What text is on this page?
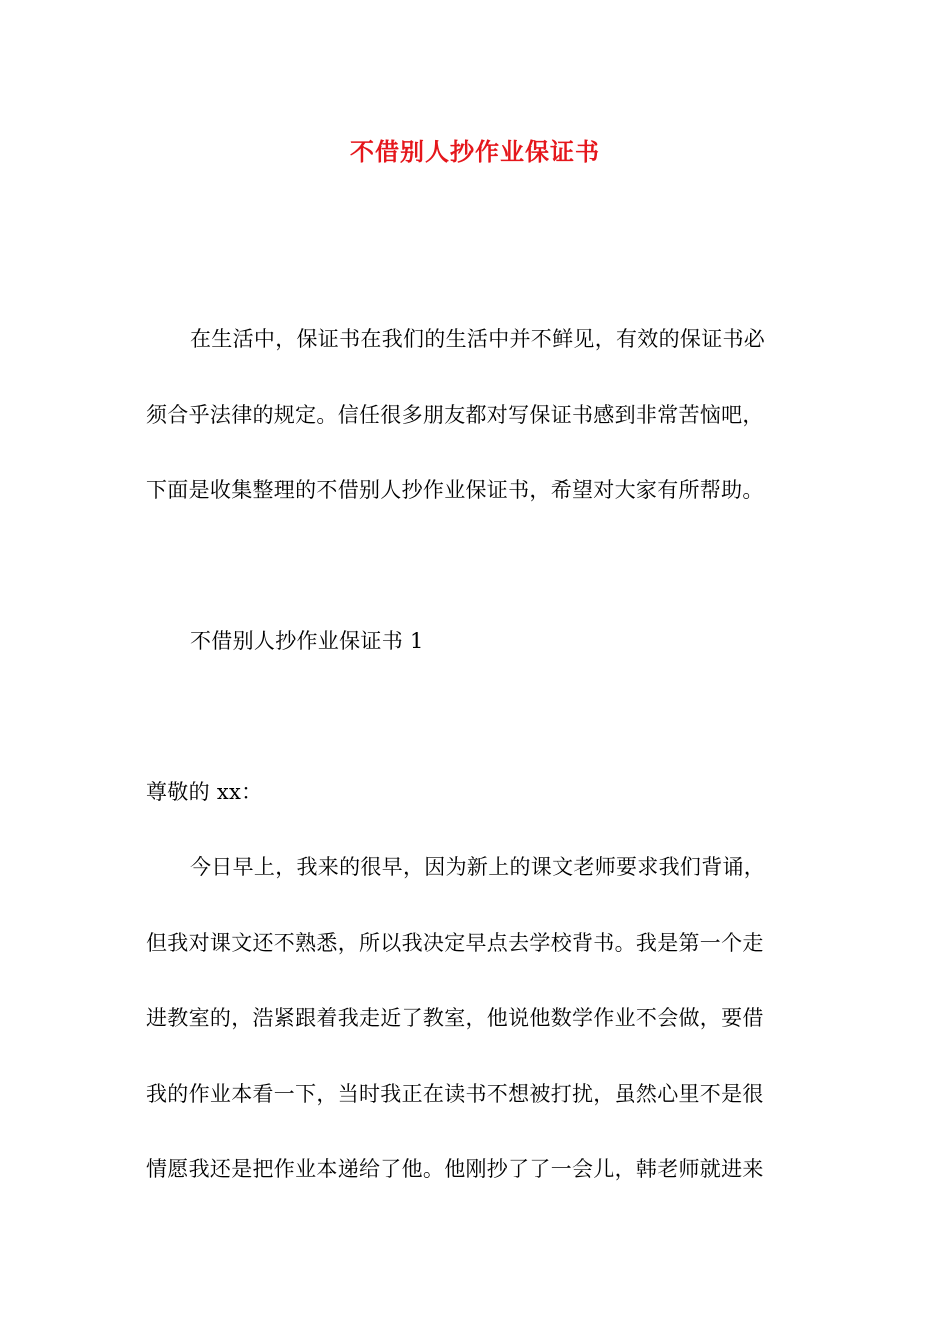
不借别人抄作业保证书
在生活中，保证书在我们的生活中并不鲜见，有效的保证书必
须合乎法律的规定。信任很多朋友都对写保证书感到非常苦恼吧，
下面是收集整理的不借别人抄作业保证书，希望对大家有所帮助。
不借别人抄作业保证书 1
尊敬的 xx：
今日早上，我来的很早，因为新上的课文老师要求我们背诵，
但我对课文还不熟悉，所以我决定早点去学校背书。我是第一个走
进教室的，浩紧跟着我走近了教室，他说他数学作业不会做，要借
我的作业本看一下，当时我正在读书不想被打扰，虽然心里不是很
情愿我还是把作业本递给了他。他刚抄了了一会儿，韩老师就进来
